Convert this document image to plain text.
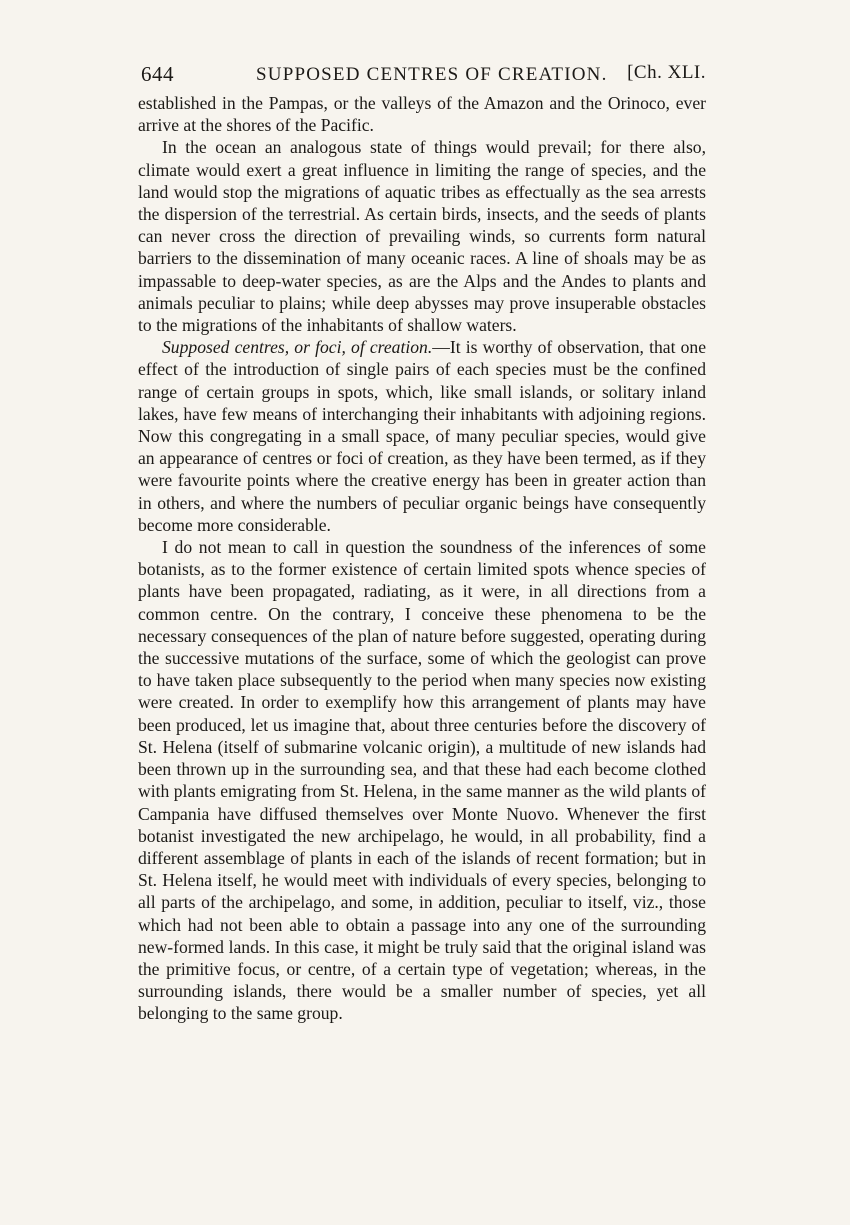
644	SUPPOSED CENTRES OF CREATION. [Ch. XLI.

established in the Pampas, or the valleys of the Amazon and the Orinoco, ever arrive at the shores of the Pacific.

In the ocean an analogous state of things would prevail; for there also, climate would exert a great influence in limiting the range of species, and the land would stop the migrations of aquatic tribes as effectually as the sea arrests the dispersion of the terrestrial. As certain birds, insects, and the seeds of plants can never cross the direction of prevailing winds, so currents form natural barriers to the dissemination of many oceanic races. A line of shoals may be as impassable to deep-water species, as are the Alps and the Andes to plants and animals peculiar to plains; while deep abysses may prove insuperable obstacles to the migrations of the inhabitants of shallow waters.

Supposed centres, or foci, of creation.—It is worthy of observation, that one effect of the introduction of single pairs of each species must be the confined range of certain groups in spots, which, like small islands, or solitary inland lakes, have few means of interchanging their inhabitants with adjoining regions. Now this congregating in a small space, of many peculiar species, would give an appearance of centres or foci of creation, as they have been termed, as if they were favourite points where the creative energy has been in greater action than in others, and where the numbers of peculiar organic beings have consequently become more considerable.

I do not mean to call in question the soundness of the inferences of some botanists, as to the former existence of certain limited spots whence species of plants have been propagated, radiating, as it were, in all directions from a common centre. On the contrary, I conceive these phenomena to be the necessary consequences of the plan of nature before suggested, operating during the successive mutations of the surface, some of which the geologist can prove to have taken place subsequently to the period when many species now existing were created. In order to exemplify how this arrangement of plants may have been produced, let us imagine that, about three centuries before the discovery of St. Helena (itself of submarine volcanic origin), a multitude of new islands had been thrown up in the surrounding sea, and that these had each become clothed with plants emigrating from St. Helena, in the same manner as the wild plants of Campania have diffused themselves over Monte Nuovo. Whenever the first botanist investigated the new archipelago, he would, in all probability, find a different assemblage of plants in each of the islands of recent formation; but in St. Helena itself, he would meet with individuals of every species, belonging to all parts of the archipelago, and some, in addition, peculiar to itself, viz., those which had not been able to obtain a passage into any one of the surrounding new-formed lands. In this case, it might be truly said that the original island was the primitive focus, or centre, of a certain type of vegetation; whereas, in the surrounding islands, there would be a smaller number of species, yet all belonging to the same group.
